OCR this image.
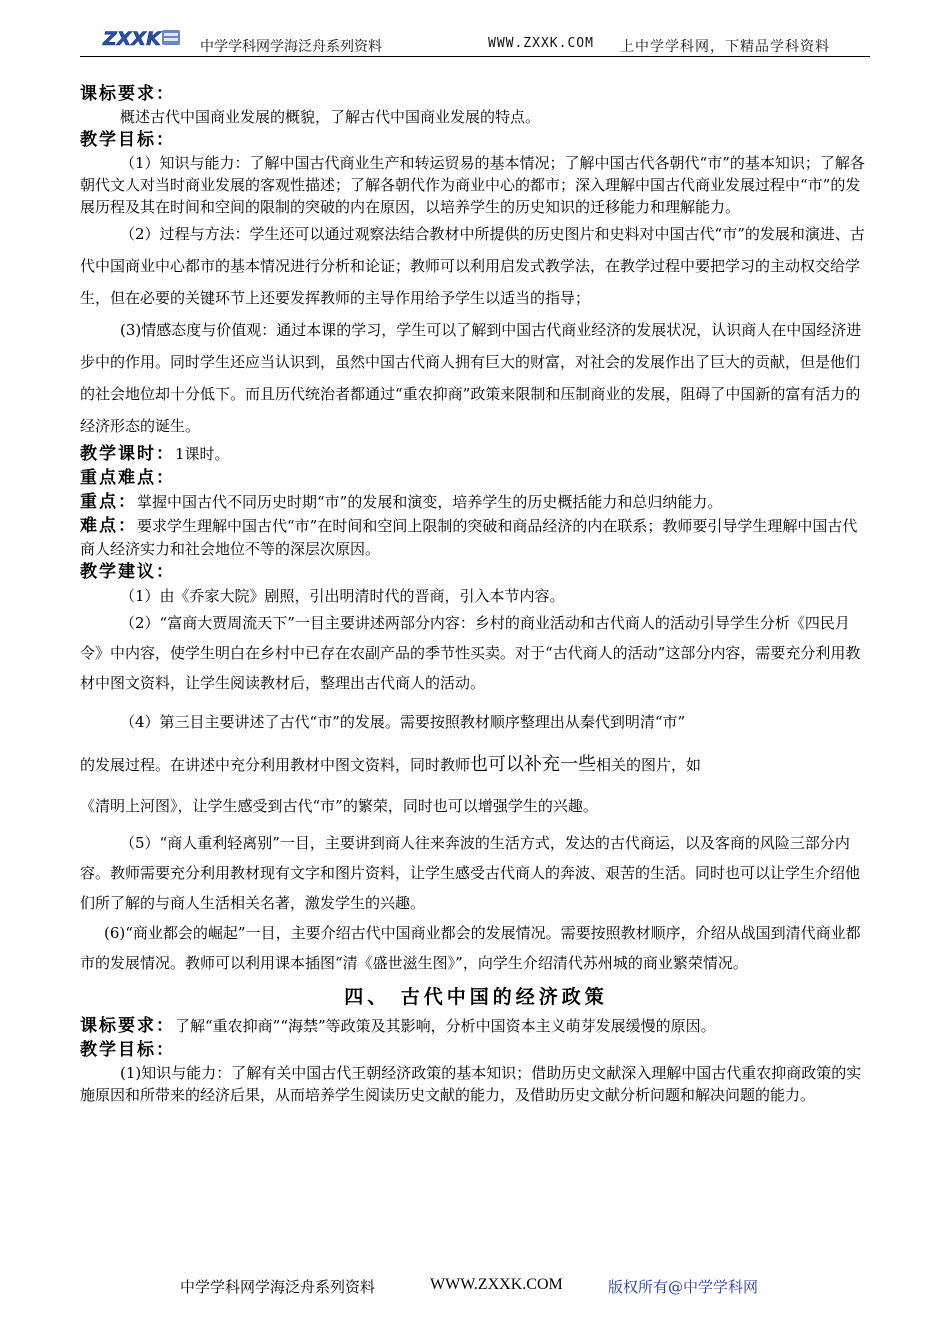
ZXXK	中学学科网学海泛舟系列资料	WWW.ZXXK.COM 上中学学科网，下精品学科资料
课标要求：

概述古代中国商业发展的概貌，了解古代中国商业发展的特点。

教学目标：

（1）知识与能力：了解中国古代商业生产和转运贸易的基本情况；了解中国古代各朝代“市”的基本知识；了解各朝代文人对当时商业发展的客观性描述；了解各朝代作为商业中心的都市；深入理解中国古代商业发展过程中“市”的发展历程及其在时间和空间的限制的突破的内在原因，以培养学生的历史知识的迁移能力和理解能力。

（2）过程与方法：学生还可以通过观察法结合教材中所提供的历史图片和史料对中国古代“市”的发展和演进、古代中国商业中心都市的基本情况进行分析和论证；教师可以利用启发式教学法，在教学过程中要把学习的主动权交给学生，但在必要的关键环节上还要发挥教师的主导作用给予学生以适当的指导；

(3)情感态度与价值观：通过本课的学习，学生可以了解到中国古代商业经济的发展状况，认识商人在中国经济进步中的作用。同时学生还应当认识到，虽然中国古代商人拥有巨大的财富，对社会的发展作出了巨大的贡献，但是他们的社会地位却十分低下。而且历代统治者都通过“重农抑商”政策来限制和压制商业的发展，阻碍了中国新的富有活力的经济形态的诞生。

教学课时：1课时。
重点难点：

重点：掌握中国古代不同历史时期“市”的发展和演变，培养学生的历史概括能力和总归纳能力。

难点：要求学生理解中国古代“市”在时间和空间上限制的突破和商品经济的内在联系；教师要引导学生理解中国古代商人经济实力和社会地位不等的深层次原因。

教学建议：

（1）由《乔家大院》剧照，引出明清时代的晋商，引入本节内容。

（2）“富商大贾周流天下”一目主要讲述两部分内容：乡村的商业活动和古代商人的活动引导学生分析《四民月令》中内容，使学生明白在乡村中已存在农副产品的季节性买卖。对于“古代商人的活动”这部分内容，需要充分利用教材中图文资料，让学生阅读教材后，整理出古代商人的活动。

（4）第三目主要讲述了古代“市”的发展。需要按照教材顺序整理出从秦代到明清“市”

的发展过程。在讲述中充分利用教材中图文资料，同时教师也可以补充一些相关的图片，如

《清明上河图》，让学生感受到古代“市”的繁荣，同时也可以增强学生的兴趣。

（5）“商人重利轻离别”一目，主要讲到商人往来奔波的生活方式，发达的古代商运，以及客商的风险三部分内容。教师需要充分利用教材现有文字和图片资料，让学生感受古代商人的奔波、艰苦的生活。同时也可以让学生介绍他们所了解的与商人生活相关名著，激发学生的兴趣。

(6)“商业都会的崛起”一目，主要介绍古代中国商业都会的发展情况。需要按照教材顺序，介绍从战国到清代商业都市的发展情况。教师可以利用课本插图“清《盛世滋生图》”，向学生介绍清代苏州城的商业繁荣情况。

四、 古代中国的经济政策

课标要求：了解“重农抑商”“海禁”等政策及其影响，分析中国资本主义萌芽发展缓慢的原因。

教学目标：

(1)知识与能力：了解有关中国古代王朝经济政策的基本知识；借助历史文献深入理解中国古代重农抑商政策的实施原因和所带来的经济后果，从而培养学生阅读历史文献的能力，及借助历史文献分析问题和解决问题的能力。

中学学科网学海泛舟系列资料	WWW.ZXXK.COM	版权所有@中学学科网
